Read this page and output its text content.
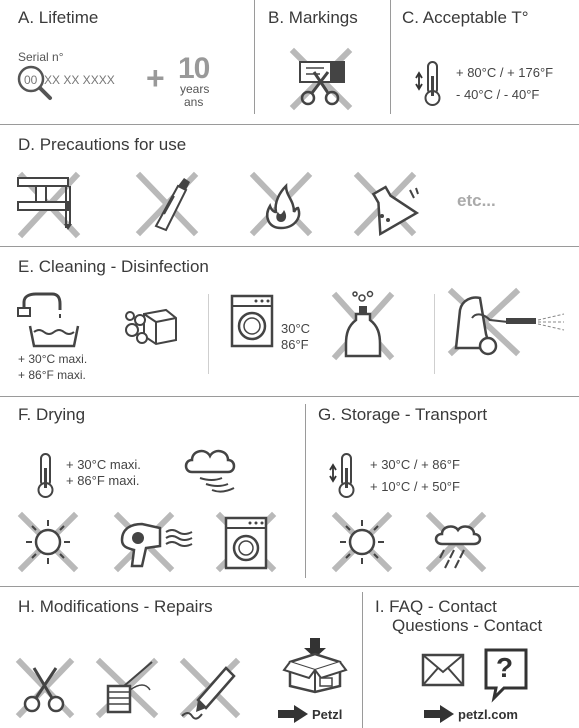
A. Lifetime
Serial n°
00 XX XX XXXX + 10
years
ans
B. Markings	C. Acceptable T°
+ 80°C / + 176°F
- 40°C / - 40°F
D. Precautions for use
etc...
E. Cleaning - Disinfection
+ 30°C maxi.
+ 86°F maxi.
30°C
86°F
F. Drying
+ 30°C maxi.
+ 86°F maxi.
G. Storage - Transport
+ 30°C / + 86°F
+ 10°C / + 50°F
H. Modifications - Repairs
Petzl
I. FAQ - Contact
Questions - Contact
?
petzl.com
